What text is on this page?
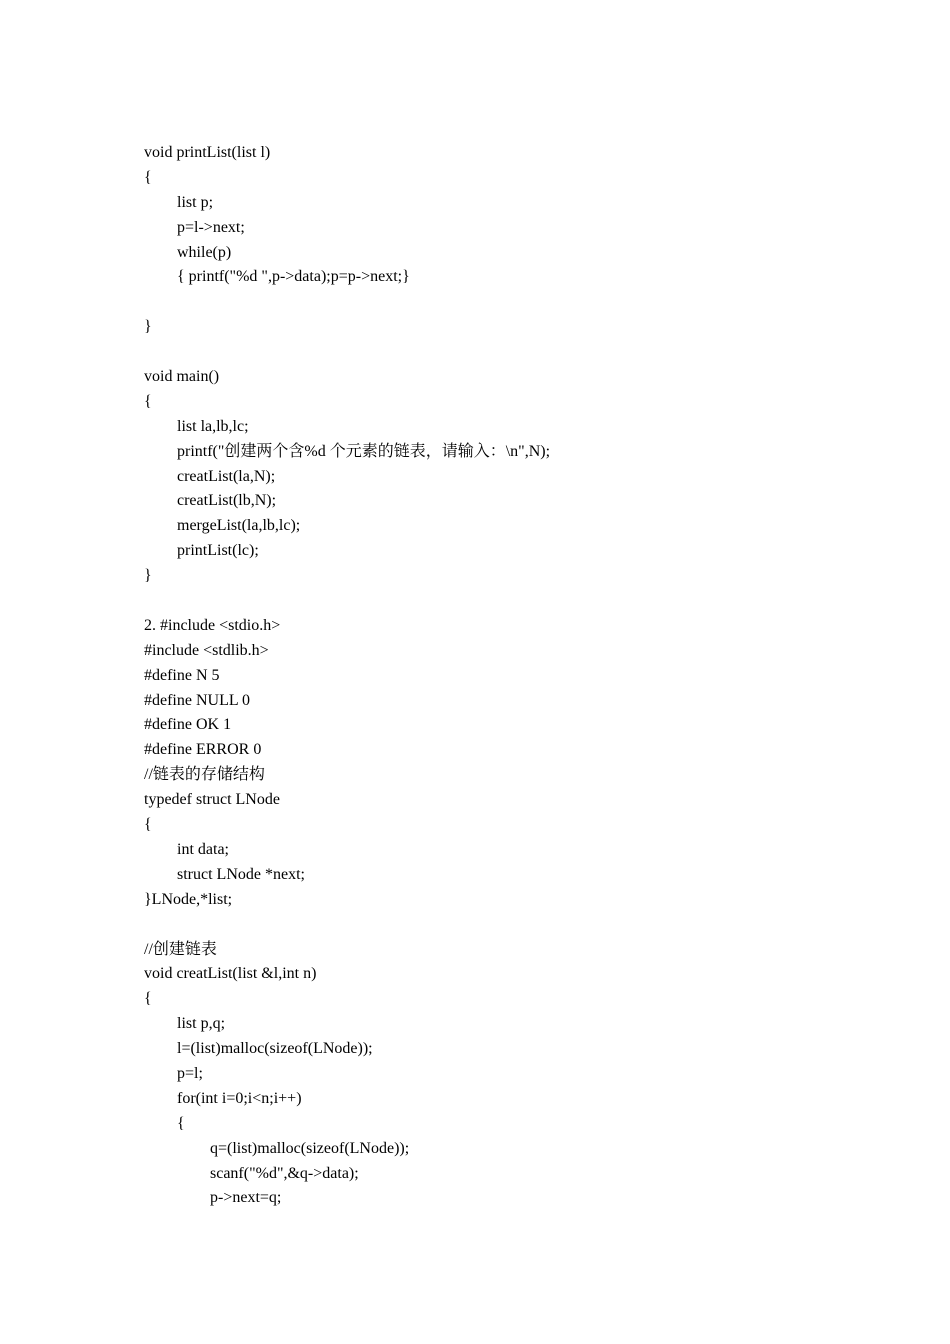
void printList(list l)
{
list p;
p=l->next;
while(p)
{ printf("%d ",p->data);p=p->next;}
}
void main()
{
list la,lb,lc;
printf("创建两个含%d 个元素的链表，请输入：\n",N);
creatList(la,N);
creatList(lb,N);
mergeList(la,lb,lc);
printList(lc);
}
2. #include <stdio.h>
#include <stdlib.h>
#define N 5
#define NULL 0
#define OK 1
#define ERROR 0
//链表的存储结构
typedef struct LNode
{
int data;
struct LNode *next;
}LNode,*list;
//创建链表
void creatList(list &l,int n)
{
list p,q;
l=(list)malloc(sizeof(LNode));
p=l;
for(int i=0;i<n;i++)
{
q=(list)malloc(sizeof(LNode));
scanf("%d",&q->data);
p->next=q;
